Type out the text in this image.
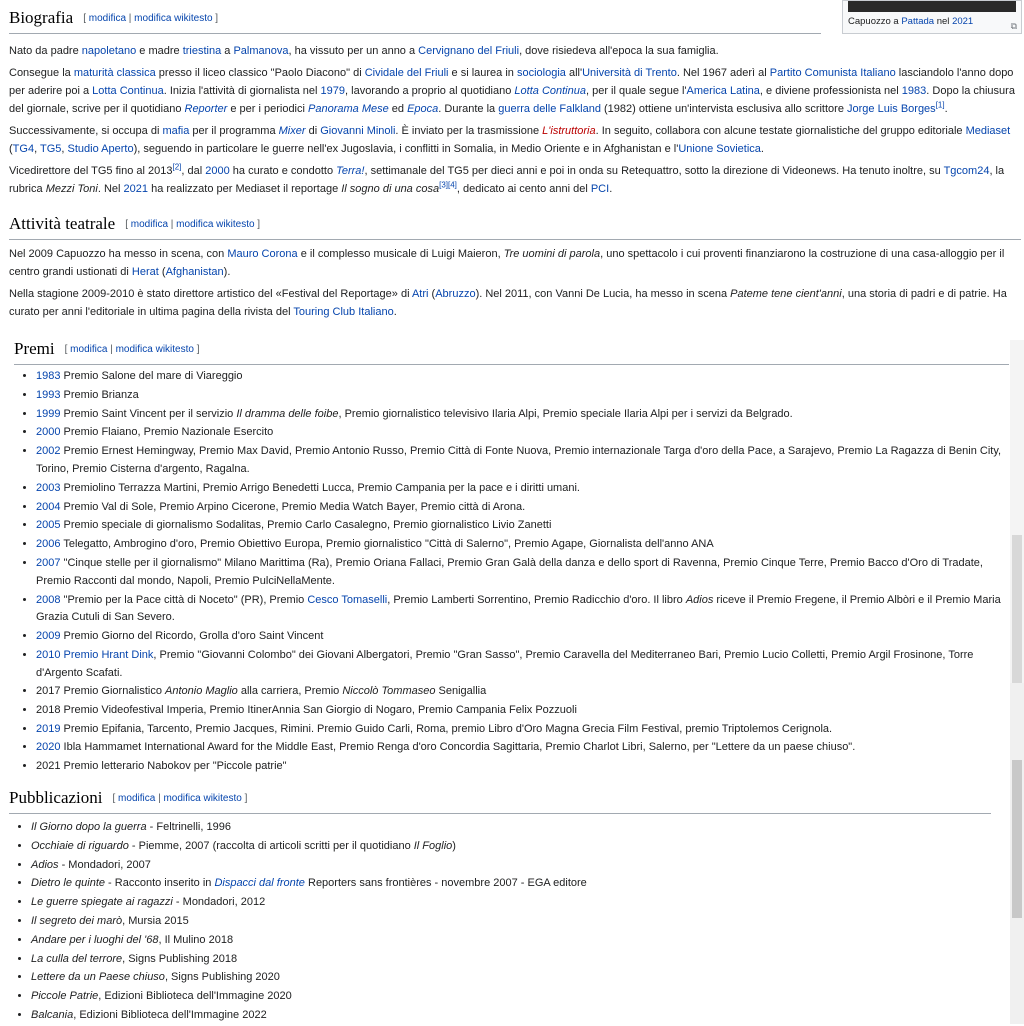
Capuozzo a Pattada nel 2021	⧉
Biografia [ modifica | modifica wikitesto ]

Nato da padre napoletano e madre triestina a Palmanova, ha vissuto per un anno a Cervignano del Friuli, dove risiedeva all'epoca la sua famiglia.

Consegue la maturità classica presso il liceo classico "Paolo Diacono" di Cividale del Friuli e si laurea in sociologia all'Università di Trento. Nel 1967 aderì al Partito Comunista Italiano lasciandolo l'anno dopo per aderire poi a Lotta Continua. Inizia l'attività di giornalista nel 1979, lavorando a proprio al quotidiano Lotta Continua, per il quale segue l'America Latina, e diviene professionista nel 1983. Dopo la chiusura del giornale, scrive per il quotidiano Reporter e per i periodici Panorama Mese ed Epoca. Durante la guerra delle Falkland (1982) ottiene un'intervista esclusiva allo scrittore Jorge Luis Borges[1].

Successivamente, si occupa di mafia per il programma Mixer di Giovanni Minoli. È inviato per la trasmissione L'istruttoria. In seguito, collabora con alcune testate giornalistiche del gruppo editoriale Mediaset (TG4, TG5, Studio Aperto), seguendo in particolare le guerre nell'ex Jugoslavia, i conflitti in Somalia, in Medio Oriente e in Afghanistan e l'Unione Sovietica.

Vicedirettore del TG5 fino al 2013[2], dal 2000 ha curato e condotto Terra!, settimanale del TG5 per dieci anni e poi in onda su Retequattro, sotto la direzione di Videonews. Ha tenuto inoltre, su Tgcom24, la rubrica Mezzi Toni. Nel 2021 ha realizzato per Mediaset il reportage Il sogno di una cosa[3][4], dedicato ai cento anni del PCI.

Attività teatrale [ modifica | modifica wikitesto ]

Nel 2009 Capuozzo ha messo in scena, con Mauro Corona e il complesso musicale di Luigi Maieron, Tre uomini di parola, uno spettacolo i cui proventi finanziarono la costruzione di una casa-alloggio per il centro grandi ustionati di Herat (Afghanistan).

Nella stagione 2009-2010 è stato direttore artistico del «Festival del Reportage» di Atri (Abruzzo). Nel 2011, con Vanni De Lucia, ha messo in scena Pateme tene cient'anni, una storia di padri e di patrie. Ha curato per anni l'editoriale in ultima pagina della rivista del Touring Club Italiano.

Premi [ modifica | modifica wikitesto ]
• 1983 Premio Salone del mare di Viareggio
• 1993 Premio Brianza
• 1999 Premio Saint Vincent per il servizio Il dramma delle foibe, Premio giornalistico televisivo Ilaria Alpi, Premio speciale Ilaria Alpi per i servizi da Belgrado.
• 2000 Premio Flaiano, Premio Nazionale Esercito
• 2002 Premio Ernest Hemingway, Premio Max David, Premio Antonio Russo, Premio Città di Fonte Nuova, Premio internazionale Targa d'oro della Pace, a Sarajevo, Premio La Ragazza di Benin City, Torino, Premio Cisterna d'argento, Ragalna.
• 2003 Premiolino Terrazza Martini, Premio Arrigo Benedetti Lucca, Premio Campania per la pace e i diritti umani.
• 2004 Premio Val di Sole, Premio Arpino Cicerone, Premio Media Watch Bayer, Premio città di Arona.
• 2005 Premio speciale di giornalismo Sodalitas, Premio Carlo Casalegno, Premio giornalistico Livio Zanetti
• 2006 Telegatto, Ambrogino d'oro, Premio Obiettivo Europa, Premio giornalistico "Città di Salerno", Premio Agape, Giornalista dell'anno ANA
• 2007 "Cinque stelle per il giornalismo" Milano Marittima (Ra), Premio Oriana Fallaci, Premio Gran Galà della danza e dello sport di Ravenna, Premio Cinque Terre, Premio Bacco d'Oro di Tradate, Premio Racconti dal mondo, Napoli, Premio PulciNellaMente.
• 2008 "Premio per la Pace città di Noceto" (PR), Premio Cesco Tomaselli, Premio Lamberti Sorrentino, Premio Radicchio d'oro. Il libro Adios riceve il Premio Fregene, il Premio Albòri e il Premio Maria Grazia Cutuli di San Severo.
• 2009 Premio Giorno del Ricordo, Grolla d'oro Saint Vincent
• 2010 Premio Hrant Dink, Premio "Giovanni Colombo" dei Giovani Albergatori, Premio "Gran Sasso", Premio Caravella del Mediterraneo Bari, Premio Lucio Colletti, Premio Argil Frosinone, Torre d'Argento Scafati.
• 2017 Premio Giornalistico Antonio Maglio alla carriera, Premio Niccolò Tommaseo Senigallia
• 2018 Premio Videofestival Imperia, Premio ItinerAnnia San Giorgio di Nogaro, Premio Campania Felix Pozzuoli
• 2019 Premio Epifania, Tarcento, Premio Jacques, Rimini. Premio Guido Carli, Roma, premio Libro d'Oro Magna Grecia Film Festival, premio Triptolemos Cerignola.
• 2020 Ibla Hammamet International Award for the Middle East, Premio Renga d'oro Concordia Sagittaria, Premio Charlot Libri, Salerno, per "Lettere da un paese chiuso".
• 2021 Premio letterario Nabokov per "Piccole patrie"
Pubblicazioni [ modifica | modifica wikitesto ]
• Il Giorno dopo la guerra - Feltrinelli, 1996
• Occhiaie di riguardo - Piemme, 2007 (raccolta di articoli scritti per il quotidiano Il Foglio)
• Adios - Mondadori, 2007
• Dietro le quinte - Racconto inserito in Dispacci dal fronte Reporters sans frontières - novembre 2007 - EGA editore
• Le guerre spiegate ai ragazzi - Mondadori, 2012
• Il segreto dei marò, Mursia 2015
• Andare per i luoghi del '68, Il Mulino 2018
• La culla del terrore, Signs Publishing 2018
• Lettere da un Paese chiuso, Signs Publishing 2020
• Piccole Patrie, Edizioni Biblioteca dell'Immagine 2020
• Balcania, Edizioni Biblioteca dell'Immagine 2022
